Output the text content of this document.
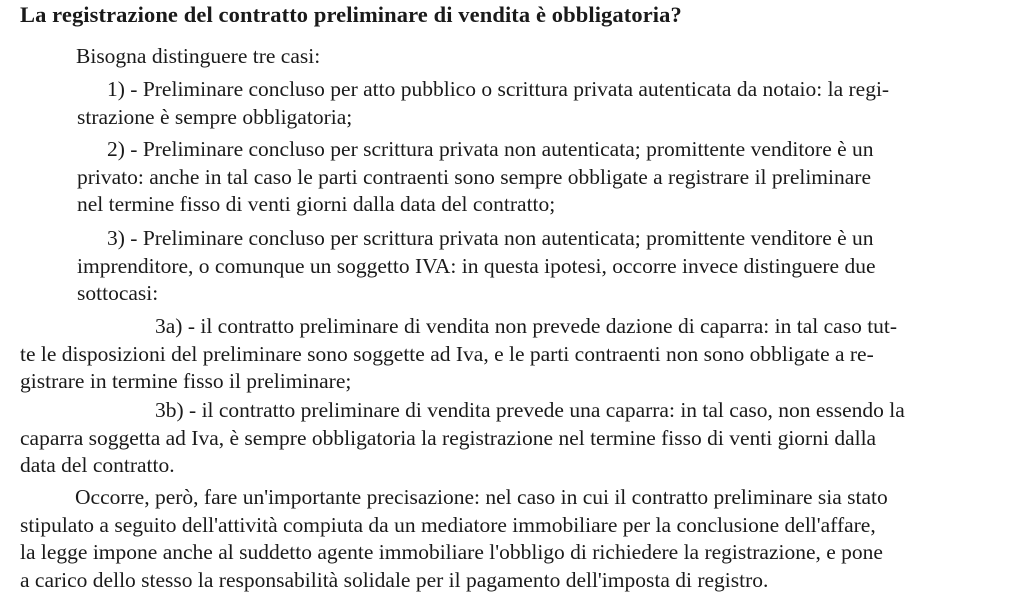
La registrazione del contratto preliminare di vendita è obbligatoria?

Bisogna distinguere tre casi:

1) - Preliminare concluso per atto pubblico o scrittura privata autenticata da notaio: la regi-
strazione è sempre obbligatoria;

2) - Preliminare concluso per scrittura privata non autenticata; promittente venditore è un
privato: anche in tal caso le parti contraenti sono sempre obbligate a registrare il preliminare
nel termine fisso di venti giorni dalla data del contratto;

3) - Preliminare concluso per scrittura privata non autenticata; promittente venditore è un
imprenditore, o comunque un soggetto IVA: in questa ipotesi, occorre invece distinguere due
sottocasi:

3a) - il contratto preliminare di vendita non prevede dazione di caparra: in tal caso tut-
te le disposizioni del preliminare sono soggette ad Iva, e le parti contraenti non sono obbligate a re-
gistrare in termine fisso il preliminare;

3b) - il contratto preliminare di vendita prevede una caparra: in tal caso, non essendo la
caparra soggetta ad Iva, è sempre obbligatoria la registrazione nel termine fisso di venti giorni dalla
data del contratto.

Occorre, però, fare un'importante precisazione: nel caso in cui il contratto preliminare sia stato
stipulato a seguito dell'attività compiuta da un mediatore immobiliare per la conclusione dell'affare,
la legge impone anche al suddetto agente immobiliare l'obbligo di richiedere la registrazione, e pone
a carico dello stesso la responsabilità solidale per il pagamento dell'imposta di registro.
